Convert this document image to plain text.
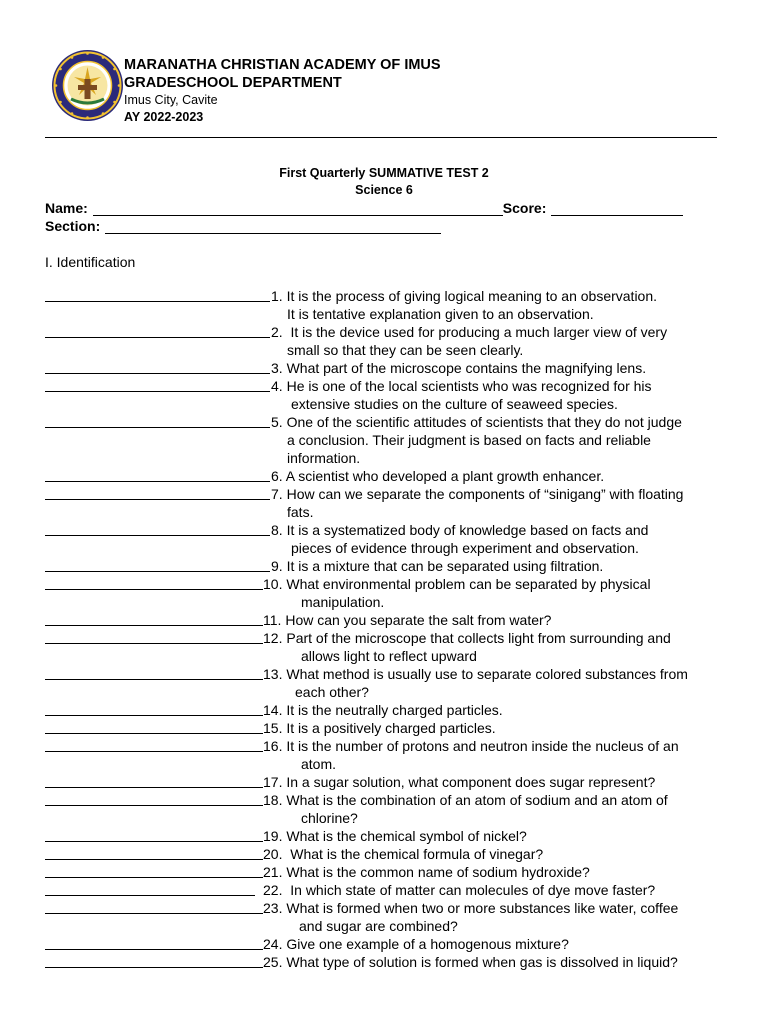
MARANATHA CHRISTIAN ACADEMY OF IMUS
GRADESCHOOL DEPARTMENT
Imus City, Cavite
AY 2022-2023
First Quarterly SUMMATIVE TEST 2
Science 6
Name:	Score:
Section:
I. Identification
1. It is the process of giving logical meaning to an observation.
It is tentative explanation given to an observation.
2.  It is the device used for producing a much larger view of very
small so that they can be seen clearly.
3. What part of the microscope contains the magnifying lens.
4. He is one of the local scientists who was recognized for his
extensive studies on the culture of seaweed species.
5. One of the scientific attitudes of scientists that they do not judge
a conclusion. Their judgment is based on facts and reliable
information.
6. A scientist who developed a plant growth enhancer.
7. How can we separate the components of “sinigang” with floating
fats.
8. It is a systematized body of knowledge based on facts and
pieces of evidence through experiment and observation.
9. It is a mixture that can be separated using filtration.
10. What environmental problem can be separated by physical
manipulation.
11. How can you separate the salt from water?
12. Part of the microscope that collects light from surrounding and
allows light to reflect upward
13. What method is usually use to separate colored substances from
each other?
14. It is the neutrally charged particles.
15. It is a positively charged particles.
16. It is the number of protons and neutron inside the nucleus of an
atom.
17. In a sugar solution, what component does sugar represent?
18. What is the combination of an atom of sodium and an atom of
chlorine?
19. What is the chemical symbol of nickel?
20.  What is the chemical formula of vinegar?
21. What is the common name of sodium hydroxide?
22.  In which state of matter can molecules of dye move faster?
23. What is formed when two or more substances like water, coffee
and sugar are combined?
24. Give one example of a homogenous mixture?
25. What type of solution is formed when gas is dissolved in liquid?
